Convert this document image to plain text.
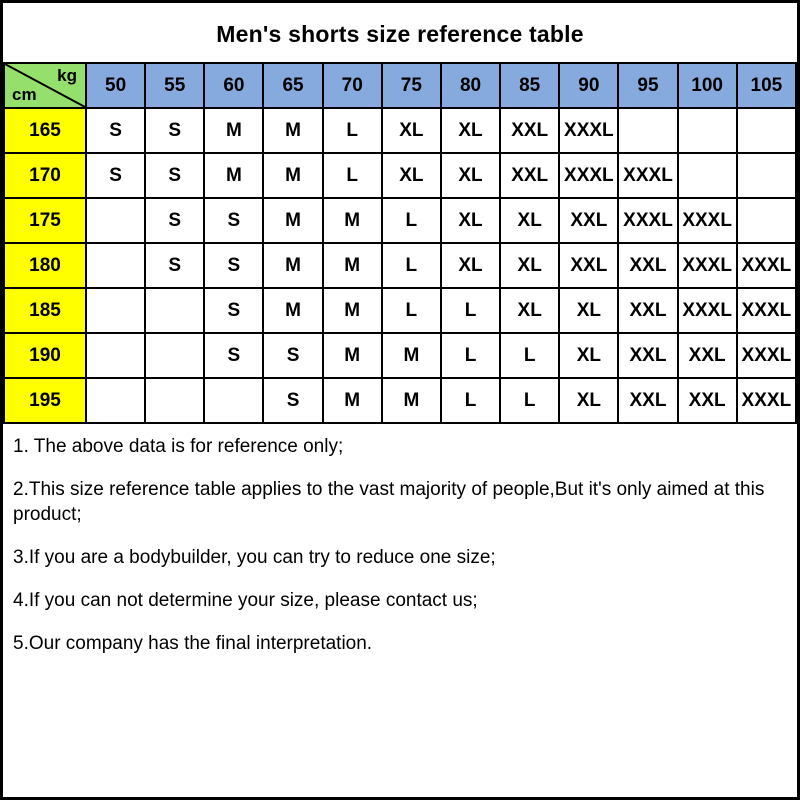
Men's shorts size reference table
kg
cm	50	55	60	65	70	75	80	85	90	95	100	105
165	S	S	M	M	L	XL	XL	XXL	XXXL			
170	S	S	M	M	L	XL	XL	XXL	XXXL	XXXL		
175		S	S	M	M	L	XL	XL	XXL	XXXL	XXXL	
180		S	S	M	M	L	XL	XL	XXL	XXL	XXXL	XXXL
185			S	M	M	L	L	XL	XL	XXL	XXXL	XXXL
190			S	S	M	M	L	L	XL	XXL	XXL	XXXL
195				S	M	M	L	L	XL	XXL	XXL	XXXL

1. The above data is for reference only;

2.This size reference table applies to the vast majority of people,But it's only aimed at this product;

3.If you are a bodybuilder, you can try to reduce one size;

4.If you can not determine your size, please contact us;

5.Our company has the final interpretation.
